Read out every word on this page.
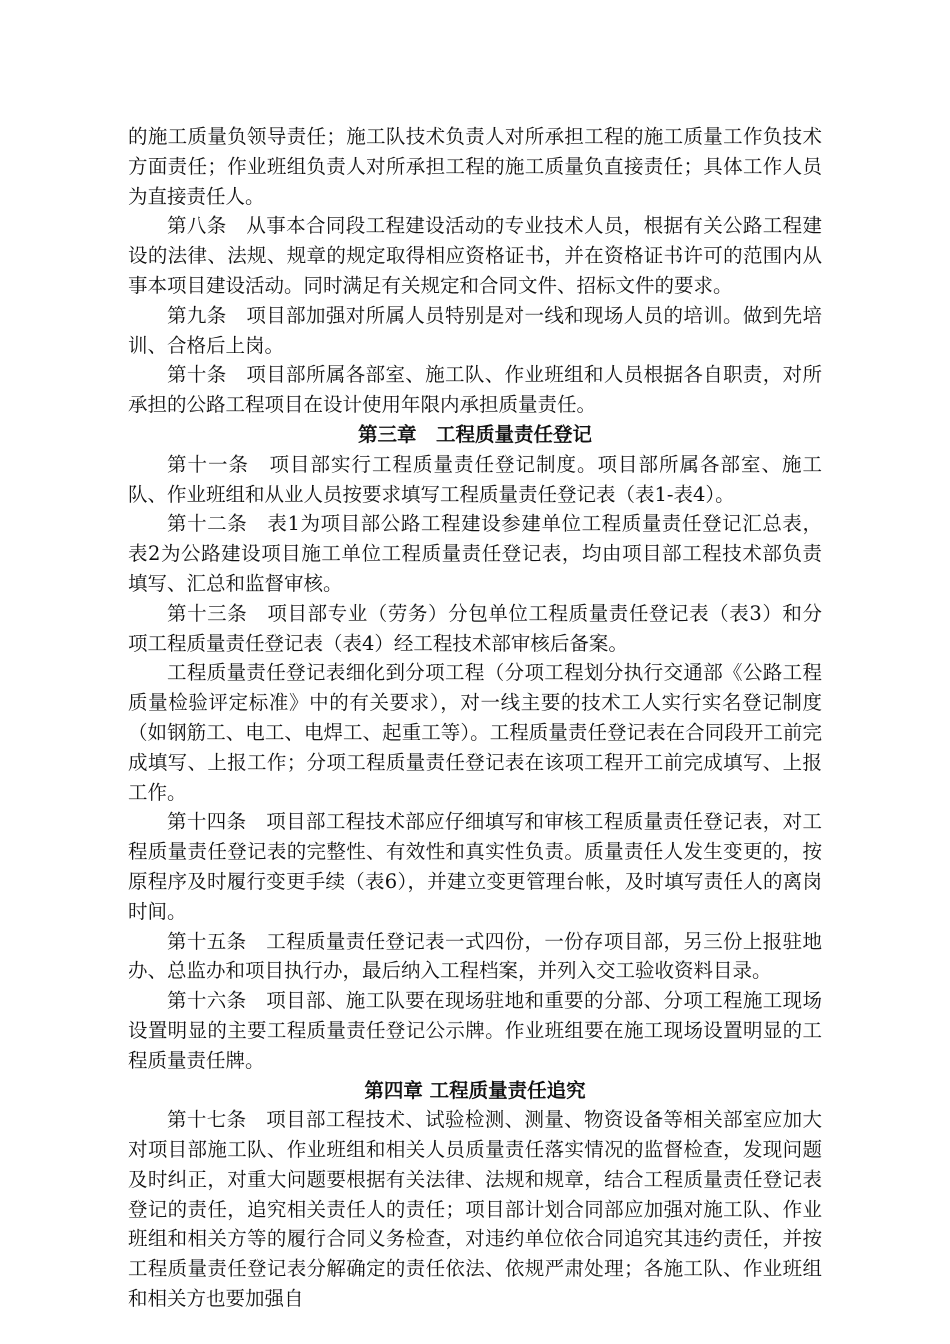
的施工质量负领导责任；施工队技术负责人对所承担工程的施工质量工作负技术方面责任；作业班组负责人对所承担工程的施工质量负直接责任；具体工作人员为直接责任人。

第八条　从事本合同段工程建设活动的专业技术人员，根据有关公路工程建设的法律、法规、规章的规定取得相应资格证书，并在资格证书许可的范围内从事本项目建设活动。同时满足有关规定和合同文件、招标文件的要求。

第九条　项目部加强对所属人员特别是对一线和现场人员的培训。做到先培训、合格后上岗。

第十条　项目部所属各部室、施工队、作业班组和人员根据各自职责，对所承担的公路工程项目在设计使用年限内承担质量责任。

第三章　工程质量责任登记

第十一条　项目部实行工程质量责任登记制度。项目部所属各部室、施工队、作业班组和从业人员按要求填写工程质量责任登记表（表1-表4）。

第十二条　表1为项目部公路工程建设参建单位工程质量责任登记汇总表，表2为公路建设项目施工单位工程质量责任登记表，均由项目部工程技术部负责填写、汇总和监督审核。

第十三条　项目部专业（劳务）分包单位工程质量责任登记表（表3）和分项工程质量责任登记表（表4）经工程技术部审核后备案。

工程质量责任登记表细化到分项工程（分项工程划分执行交通部《公路工程质量检验评定标准》中的有关要求），对一线主要的技术工人实行实名登记制度（如钢筋工、电工、电焊工、起重工等）。工程质量责任登记表在合同段开工前完成填写、上报工作；分项工程质量责任登记表在该项工程开工前完成填写、上报工作。

第十四条　项目部工程技术部应仔细填写和审核工程质量责任登记表，对工程质量责任登记表的完整性、有效性和真实性负责。质量责任人发生变更的，按原程序及时履行变更手续（表6），并建立变更管理台帐，及时填写责任人的离岗时间。

第十五条　工程质量责任登记表一式四份，一份存项目部，另三份上报驻地办、总监办和项目执行办，最后纳入工程档案，并列入交工验收资料目录。

第十六条　项目部、施工队要在现场驻地和重要的分部、分项工程施工现场设置明显的主要工程质量责任登记公示牌。作业班组要在施工现场设置明显的工程质量责任牌。

第四章 工程质量责任追究

第十七条　项目部工程技术、试验检测、测量、物资设备等相关部室应加大对项目部施工队、作业班组和相关人员质量责任落实情况的监督检查，发现问题及时纠正，对重大问题要根据有关法律、法规和规章，结合工程质量责任登记表登记的责任，追究相关责任人的责任；项目部计划合同部应加强对施工队、作业班组和相关方等的履行合同义务检查，对违约单位依合同追究其违约责任，并按工程质量责任登记表分解确定的责任依法、依规严肃处理；各施工队、作业班组和相关方也要加强自
